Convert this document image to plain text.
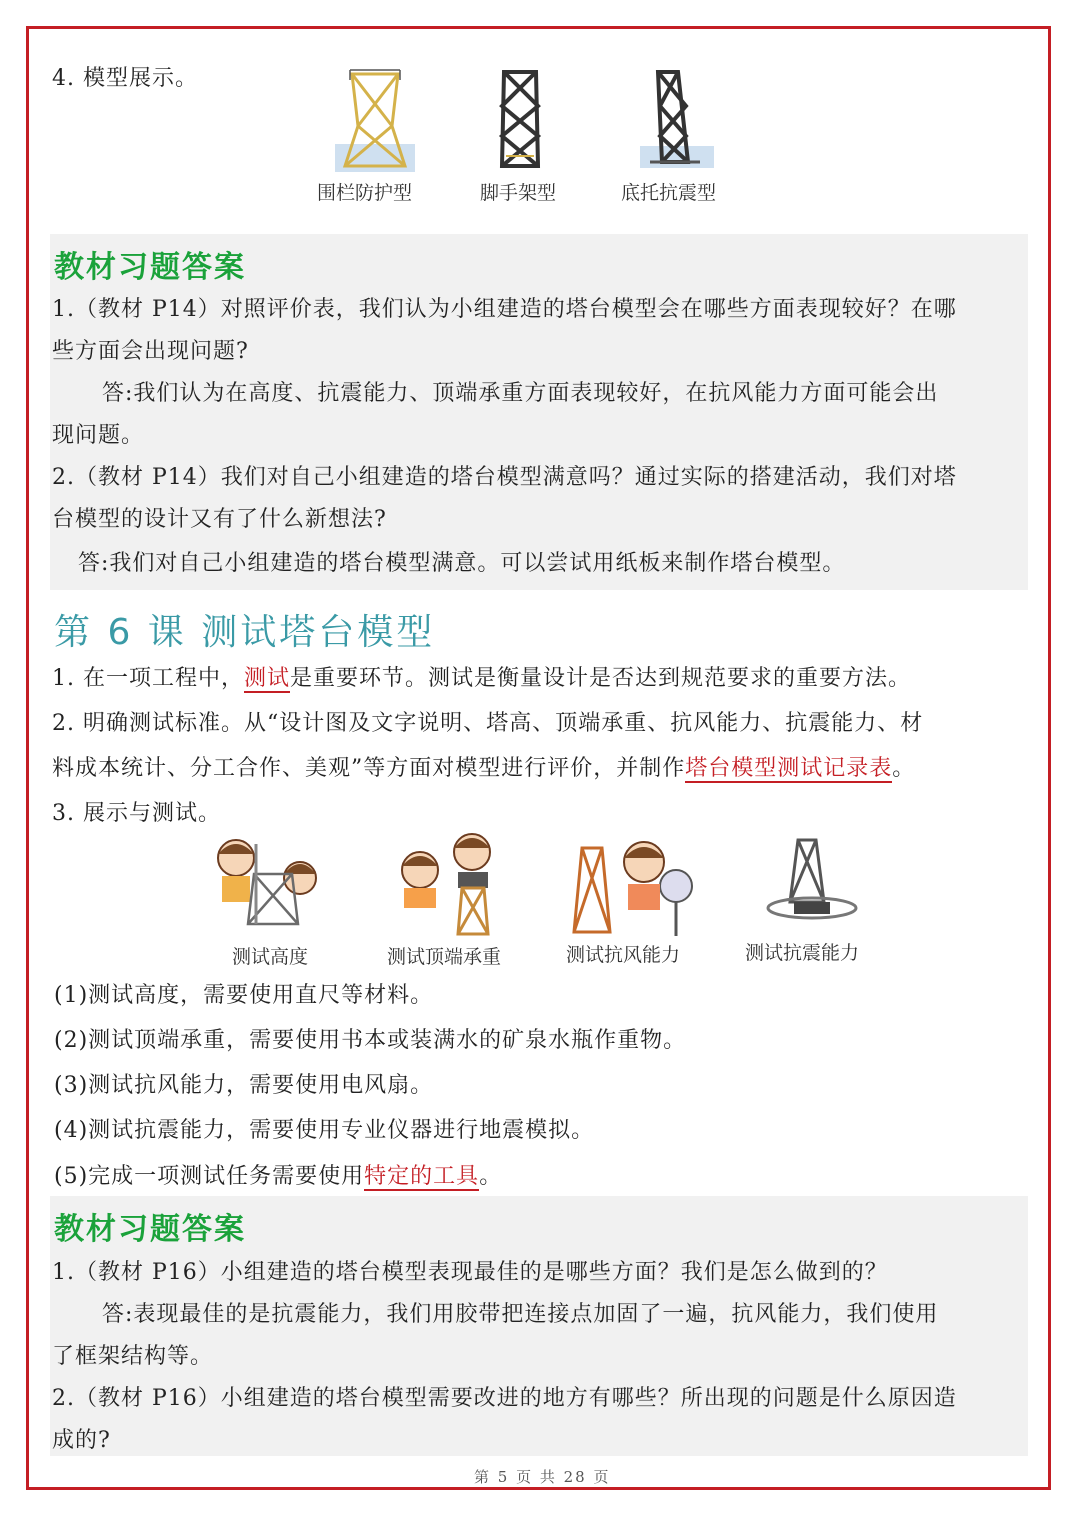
4. 模型展示。
围栏防护型	脚手架型	底托抗震型
教材习题答案
1.（教材 P14）对照评价表，我们认为小组建造的塔台模型会在哪些方面表现较好？在哪
些方面会出现问题?
答:我们认为在高度、抗震能力、顶端承重方面表现较好，在抗风能力方面可能会出
现问题。
2.（教材 P14）我们对自己小组建造的塔台模型满意吗？通过实际的搭建活动，我们对塔
台模型的设计又有了什么新想法?
答:我们对自己小组建造的塔台模型满意。可以尝试用纸板来制作塔台模型。
第 6 课 测试塔台模型
1. 在一项工程中，测试是重要环节。测试是衡量设计是否达到规范要求的重要方法。
2. 明确测试标准。从“设计图及文字说明、塔高、顶端承重、抗风能力、抗震能力、材
料成本统计、分工合作、美观”等方面对模型进行评价，并制作塔台模型测试记录表。
3. 展示与测试。
测试高度	测试顶端承重	测试抗风能力	测试抗震能力
(1)测试高度，需要使用直尺等材料。
(2)测试顶端承重，需要使用书本或装满水的矿泉水瓶作重物。
(3)测试抗风能力，需要使用电风扇。
(4)测试抗震能力，需要使用专业仪器进行地震模拟。
(5)完成一项测试任务需要使用特定的工具。
教材习题答案
1.（教材 P16）小组建造的塔台模型表现最佳的是哪些方面？我们是怎么做到的？
答:表现最佳的是抗震能力，我们用胶带把连接点加固了一遍，抗风能力，我们使用
了框架结构等。
2.（教材 P16）小组建造的塔台模型需要改进的地方有哪些？所出现的问题是什么原因造
成的?
第 5 页 共 28 页
